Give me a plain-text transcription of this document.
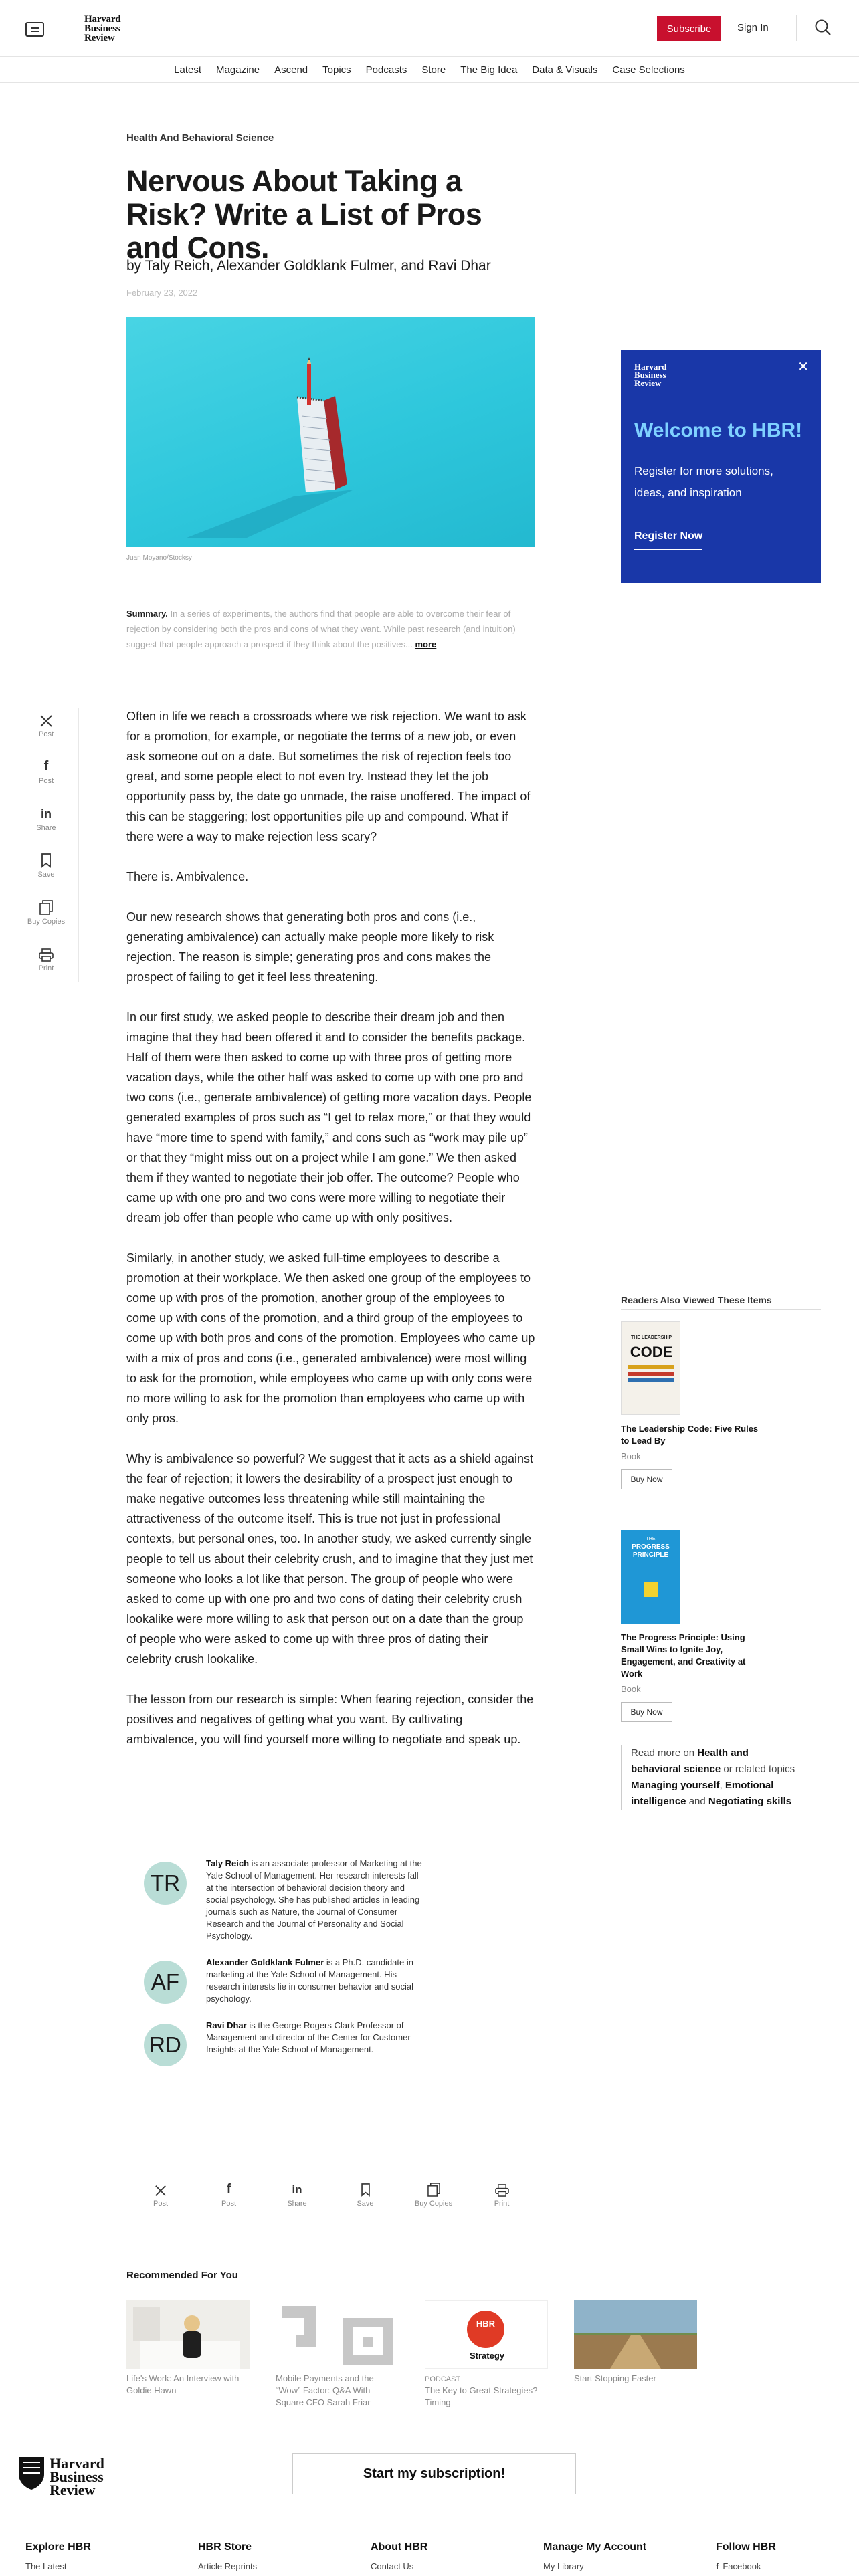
Harvard
Business
Review
Subscribe	Sign In
Latest	Magazine	Ascend	Topics	Podcasts	Store	The Big Idea	Data & Visuals	Case Selections
Health And Behavioral Science
Nervous About Taking a Risk? Write a List of Pros and Cons.
by Taly Reich, Alexander Goldklank Fulmer, and Ravi Dhar
February 23, 2022
Juan Moyano/Stocksy
Summary. In a series of experiments, the authors find that people are able to overcome their fear of rejection by considering both the pros and cons of what they want. While past research (and intuition) suggest that people approach a prospect if they think about the positives... more
Post
f
Post
in
Share
Save
Buy Copies
Print

Often in life we reach a crossroads where we risk rejection. We want to ask for a promotion, for example, or negotiate the terms of a new job, or even ask someone out on a date. But sometimes the risk of rejection feels too great, and some people elect to not even try. Instead they let the job opportunity pass by, the date go unmade, the raise unoffered. The impact of this can be staggering; lost opportunities pile up and compound. What if there were a way to make rejection less scary?

There is. Ambivalence.

Our new research shows that generating both pros and cons (i.e., generating ambivalence) can actually make people more likely to risk rejection. The reason is simple; generating pros and cons makes the prospect of failing to get it feel less threatening.

In our first study, we asked people to describe their dream job and then imagine that they had been offered it and to consider the benefits package. Half of them were then asked to come up with three pros of getting more vacation days, while the other half was asked to come up with one pro and two cons (i.e., generate ambivalence) of getting more vacation days. People generated examples of pros such as “I get to relax more,” or that they would have “more time to spend with family,” and cons such as “work may pile up” or that they “might miss out on a project while I am gone.” We then asked them if they wanted to negotiate their job offer. The outcome? People who came up with one pro and two cons were more willing to negotiate their dream job offer than people who came up with only positives.

Similarly, in another study, we asked full-time employees to describe a promotion at their workplace. We then asked one group of the employees to come up with pros of the promotion, another group of the employees to come up with cons of the promotion, and a third group of the employees to come up with both pros and cons of the promotion. Employees who came up with a mix of pros and cons (i.e., generated ambivalence) were most willing to ask for the promotion, while employees who came up with only cons were no more willing to ask for the promotion than employees who came up with only pros.

Why is ambivalence so powerful? We suggest that it acts as a shield against the fear of rejection; it lowers the desirability of a prospect just enough to make negative outcomes less threatening while still maintaining the attractiveness of the outcome itself. This is true not just in professional contexts, but personal ones, too. In another study, we asked currently single people to tell us about their celebrity crush, and to imagine that they just met someone who looks a lot like that person. The group of people who were asked to come up with one pro and two cons of dating their celebrity crush lookalike were more willing to ask that person out on a date than the group of people who were asked to come up with three pros of dating their celebrity crush lookalike.

The lesson from our research is simple: When fearing rejection, consider the positives and negatives of getting what you want. By cultivating ambivalence, you will find yourself more willing to negotiate and speak up.

TR
Taly Reich is an associate professor of Marketing at the Yale School of Management. Her research interests fall at the intersection of behavioral decision theory and social psychology. She has published articles in leading journals such as Nature, the Journal of Consumer Research and the Journal of Personality and Social Psychology.
AF
Alexander Goldklank Fulmer is a Ph.D. candidate in marketing at the Yale School of Management. His research interests lie in consumer behavior and social psychology.
RD
Ravi Dhar is the George Rogers Clark Professor of Management and director of the Center for Customer Insights at the Yale School of Management.
Post
f
Post
in
Share	Save	Buy Copies	Print
Recommended For You
Life's Work: An Interview with Goldie Hawn
Mobile Payments and the “Wow” Factor: Q&A With Square CFO Sarah Friar
HBR
Strategy
PODCAST
The Key to Great Strategies? Timing
Start Stopping Faster
Harvard
Business
Review
Start my subscription!
Explore HBR
The Latest
HBR Store
Article Reprints
About HBR
Contact Us
Manage My Account
My Library
Follow HBR
f Facebook
Harvard
Business
Review
✕
Welcome to HBR!
Register for more solutions, ideas, and inspiration
Register Now
Readers Also Viewed These Items
THE LEADERSHIP
CODE
The Leadership Code: Five Rules to Lead By
Book
Buy Now
THE
PROGRESS PRINCIPLE
The Progress Principle: Using Small Wins to Ignite Joy, Engagement, and Creativity at Work
Book
Buy Now
Read more on Health and behavioral science or related topics Managing yourself, Emotional intelligence and Negotiating skills
